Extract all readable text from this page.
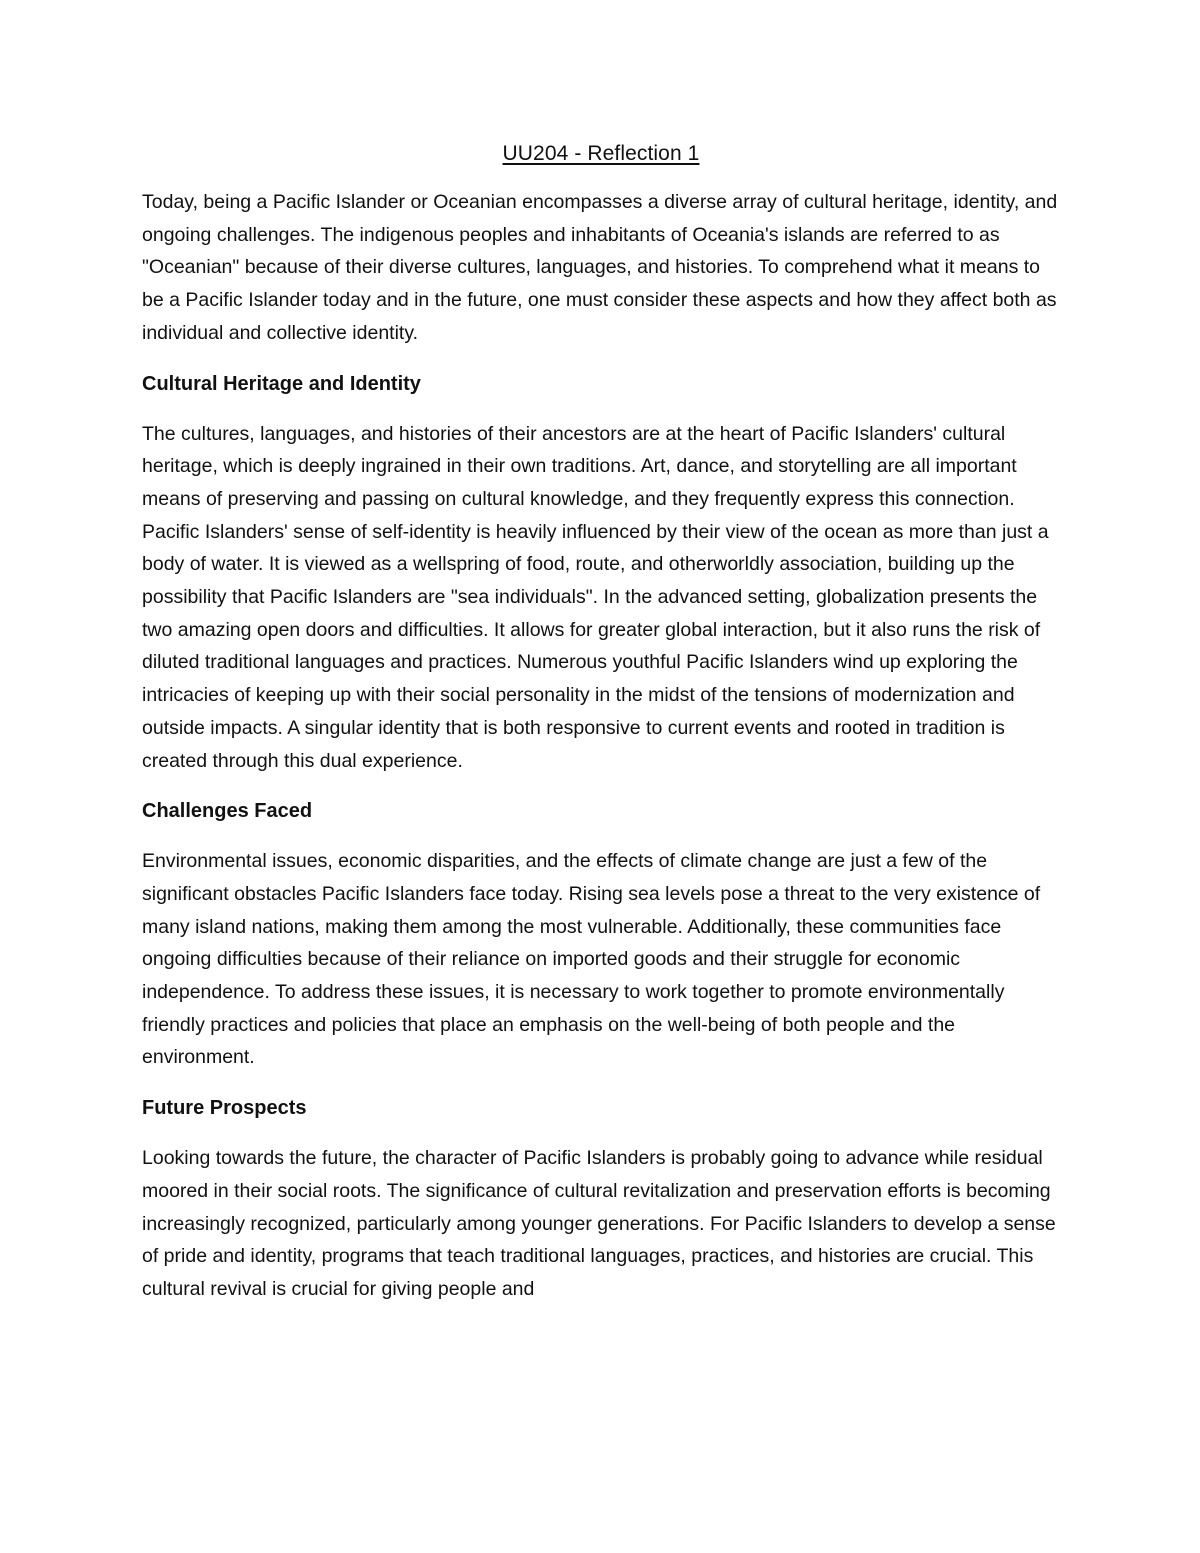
UU204 - Reflection 1

Today, being a Pacific Islander or Oceanian encompasses a diverse array of cultural heritage, identity, and ongoing challenges. The indigenous peoples and inhabitants of Oceania's islands are referred to as "Oceanian" because of their diverse cultures, languages, and histories. To comprehend what it means to be a Pacific Islander today and in the future, one must consider these aspects and how they affect both as individual and collective identity.

Cultural Heritage and Identity

The cultures, languages, and histories of their ancestors are at the heart of Pacific Islanders' cultural heritage, which is deeply ingrained in their own traditions. Art, dance, and storytelling are all important means of preserving and passing on cultural knowledge, and they frequently express this connection. Pacific Islanders' sense of self-identity is heavily influenced by their view of the ocean as more than just a body of water. It is viewed as a wellspring of food, route, and otherworldly association, building up the possibility that Pacific Islanders are "sea individuals". In the advanced setting, globalization presents the two amazing open doors and difficulties. It allows for greater global interaction, but it also runs the risk of diluted traditional languages and practices. Numerous youthful Pacific Islanders wind up exploring the intricacies of keeping up with their social personality in the midst of the tensions of modernization and outside impacts. A singular identity that is both responsive to current events and rooted in tradition is created through this dual experience.

Challenges Faced

Environmental issues, economic disparities, and the effects of climate change are just a few of the significant obstacles Pacific Islanders face today. Rising sea levels pose a threat to the very existence of many island nations, making them among the most vulnerable. Additionally, these communities face ongoing difficulties because of their reliance on imported goods and their struggle for economic independence. To address these issues, it is necessary to work together to promote environmentally friendly practices and policies that place an emphasis on the well-being of both people and the environment.

Future Prospects

Looking towards the future, the character of Pacific Islanders is probably going to advance while residual moored in their social roots. The significance of cultural revitalization and preservation efforts is becoming increasingly recognized, particularly among younger generations. For Pacific Islanders to develop a sense of pride and identity, programs that teach traditional languages, practices, and histories are crucial. This cultural revival is crucial for giving people and
